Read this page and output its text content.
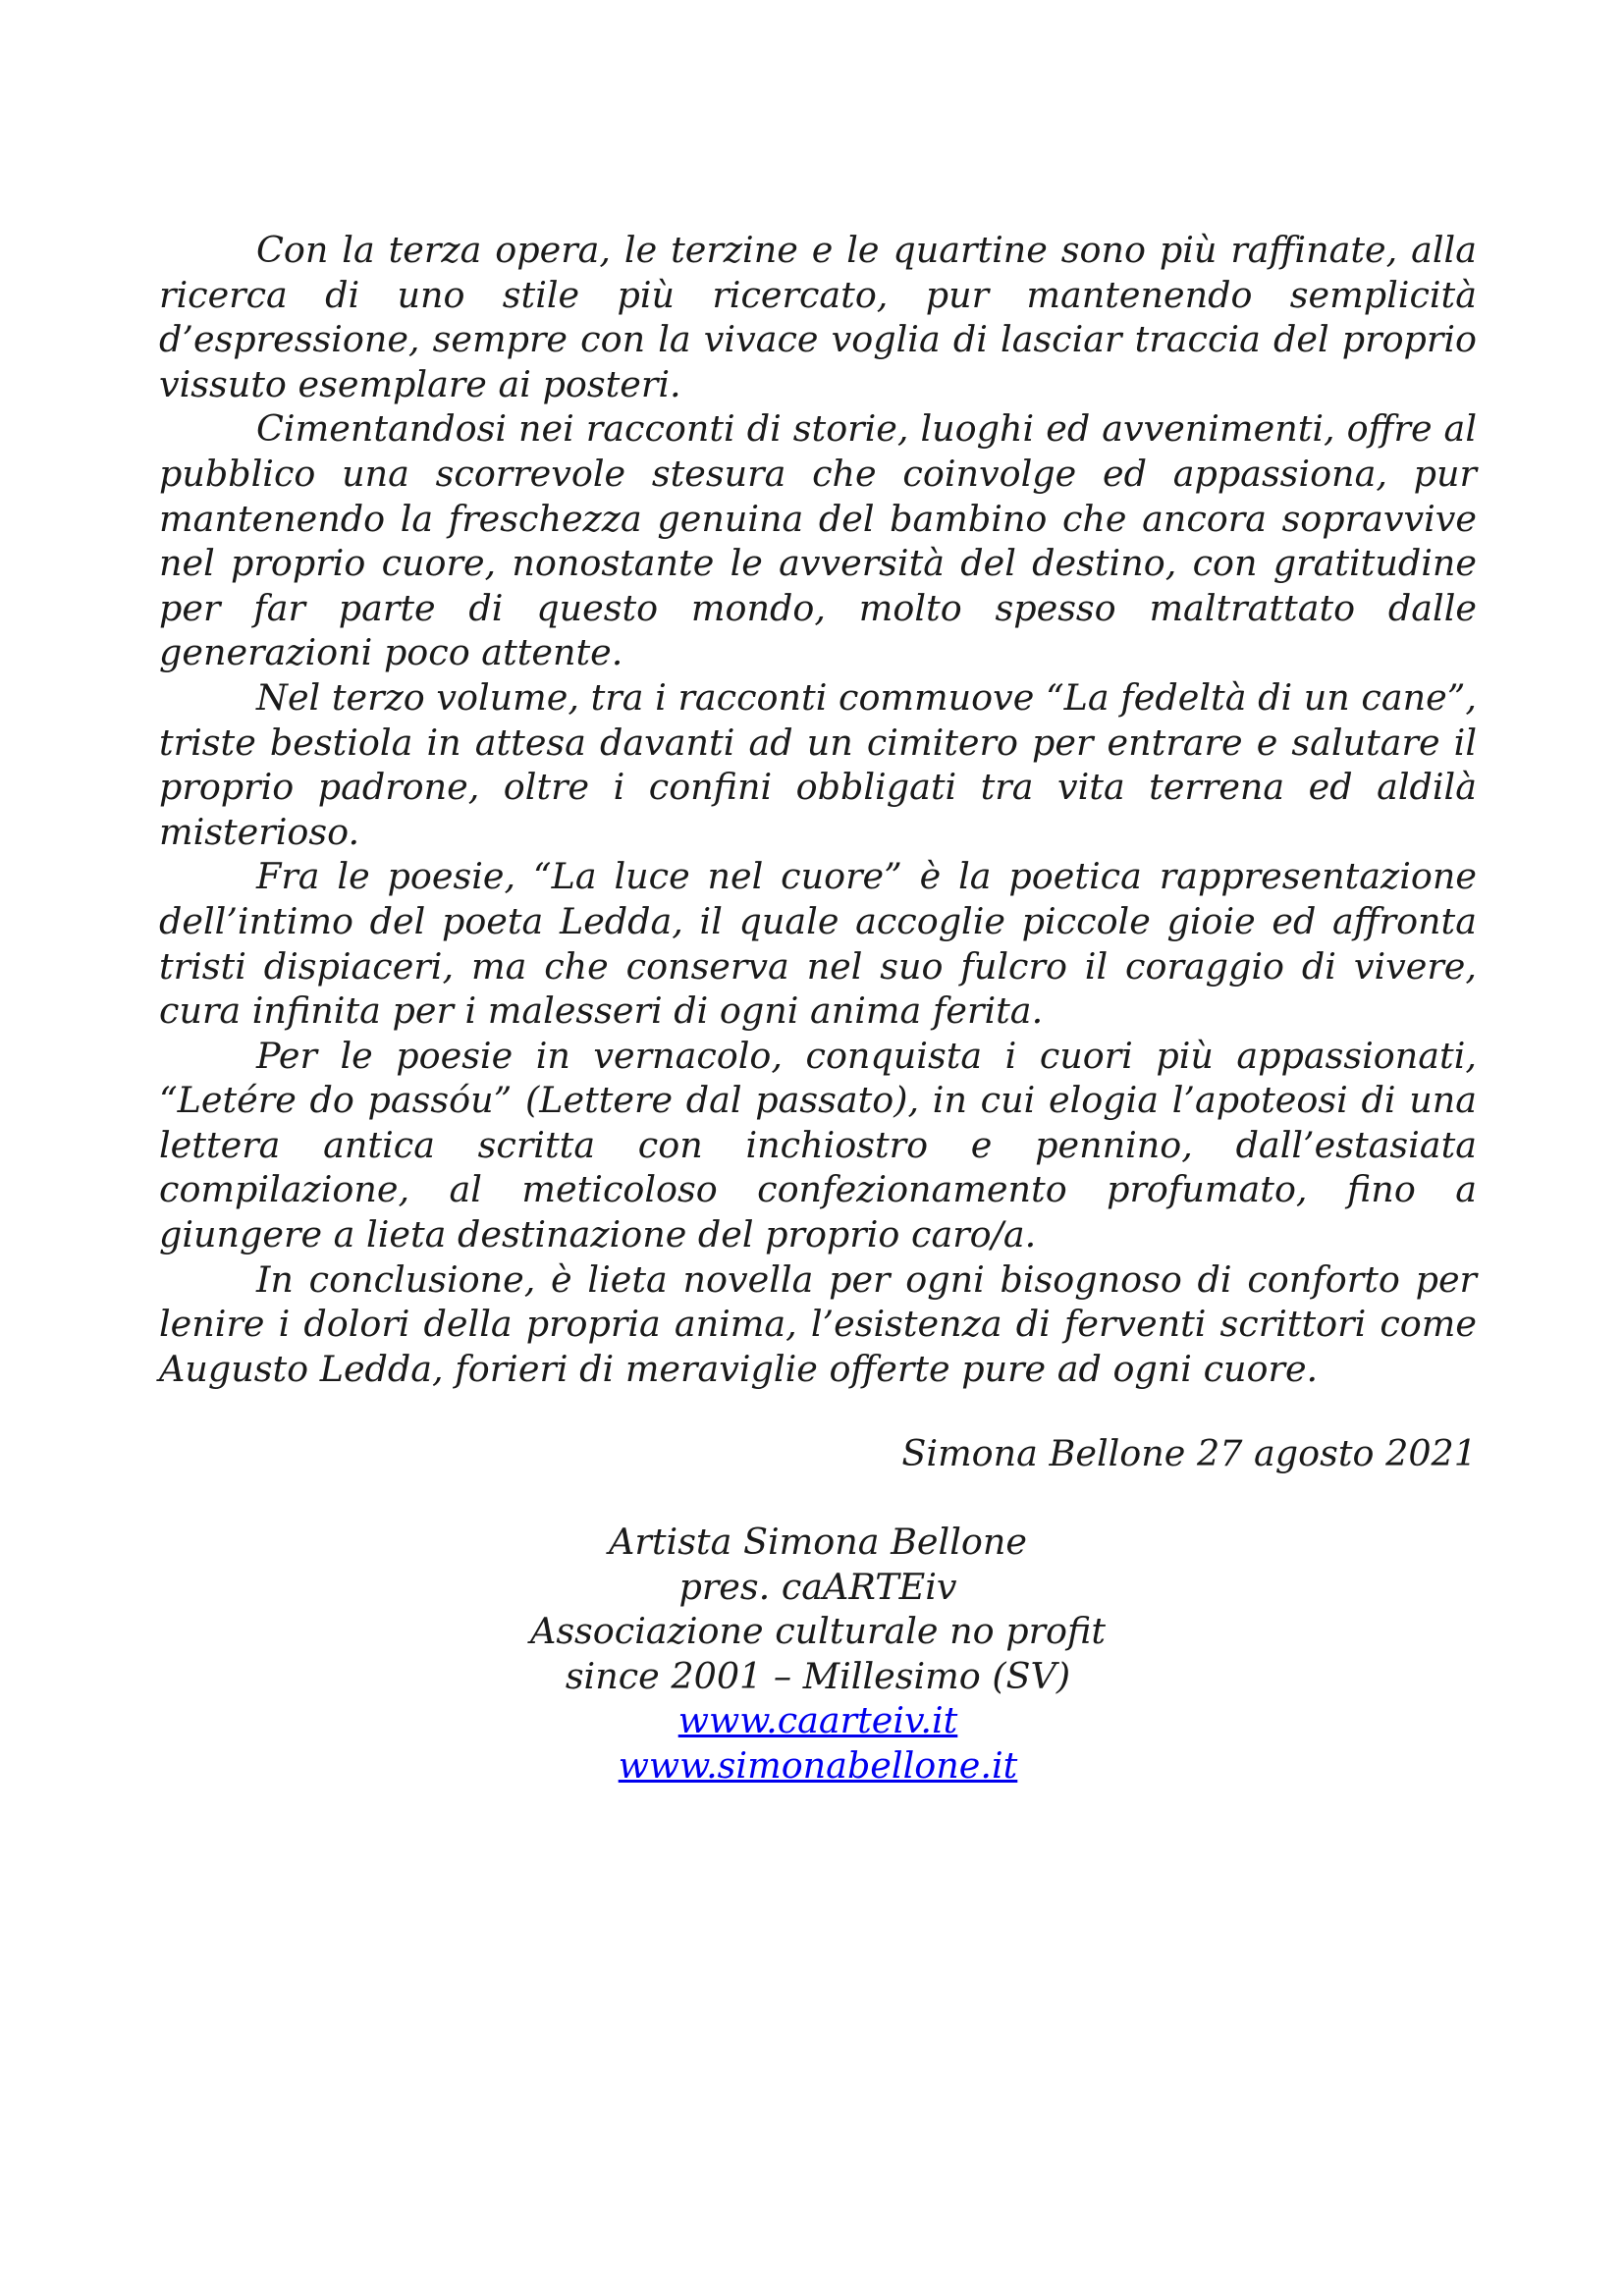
Con la terza opera, le terzine e le quartine sono più raffinate, alla ricerca di uno stile più ricercato, pur mantenendo semplicità d’espressione, sempre con la vivace voglia di lasciar traccia del proprio vissuto esemplare ai posteri.

Cimentandosi nei racconti di storie, luoghi ed avvenimenti, offre al pubblico una scorrevole stesura che coinvolge ed appassiona, pur mantenendo la freschezza genuina del bambino che ancora sopravvive nel proprio cuore, nonostante le avversità del destino, con gratitudine per far parte di questo mondo, molto spesso maltrattato dalle generazioni poco attente.

Nel terzo volume, tra i racconti commuove “La fedeltà di un cane”, triste bestiola in attesa davanti ad un cimitero per entrare e salutare il proprio padrone, oltre i confini obbligati tra vita terrena ed aldilà misterioso.

Fra le poesie, “La luce nel cuore” è la poetica rappresentazione dell’intimo del poeta Ledda, il quale accoglie piccole gioie ed affronta tristi dispiaceri, ma che conserva nel suo fulcro il coraggio di vivere, cura infinita per i malesseri di ogni anima ferita.

Per le poesie in vernacolo, conquista i cuori più appassionati, “Letére do passóu” (Lettere dal passato), in cui elogia l’apoteosi di una lettera antica scritta con inchiostro e pennino, dall’estasiata compilazione, al meticoloso confezionamento profumato, fino a giungere a lieta destinazione del proprio caro/a.

In conclusione, è lieta novella per ogni bisognoso di conforto per lenire i dolori della propria anima, l’esistenza di ferventi scrittori come Augusto Ledda, forieri di meraviglie offerte pure ad ogni cuore.

Simona Bellone 27 agosto 2021

Artista Simona Bellone
pres. caARTEiv
Associazione culturale no profit
since 2001 – Millesimo (SV)
www.caarteiv.it
www.simonabellone.it
